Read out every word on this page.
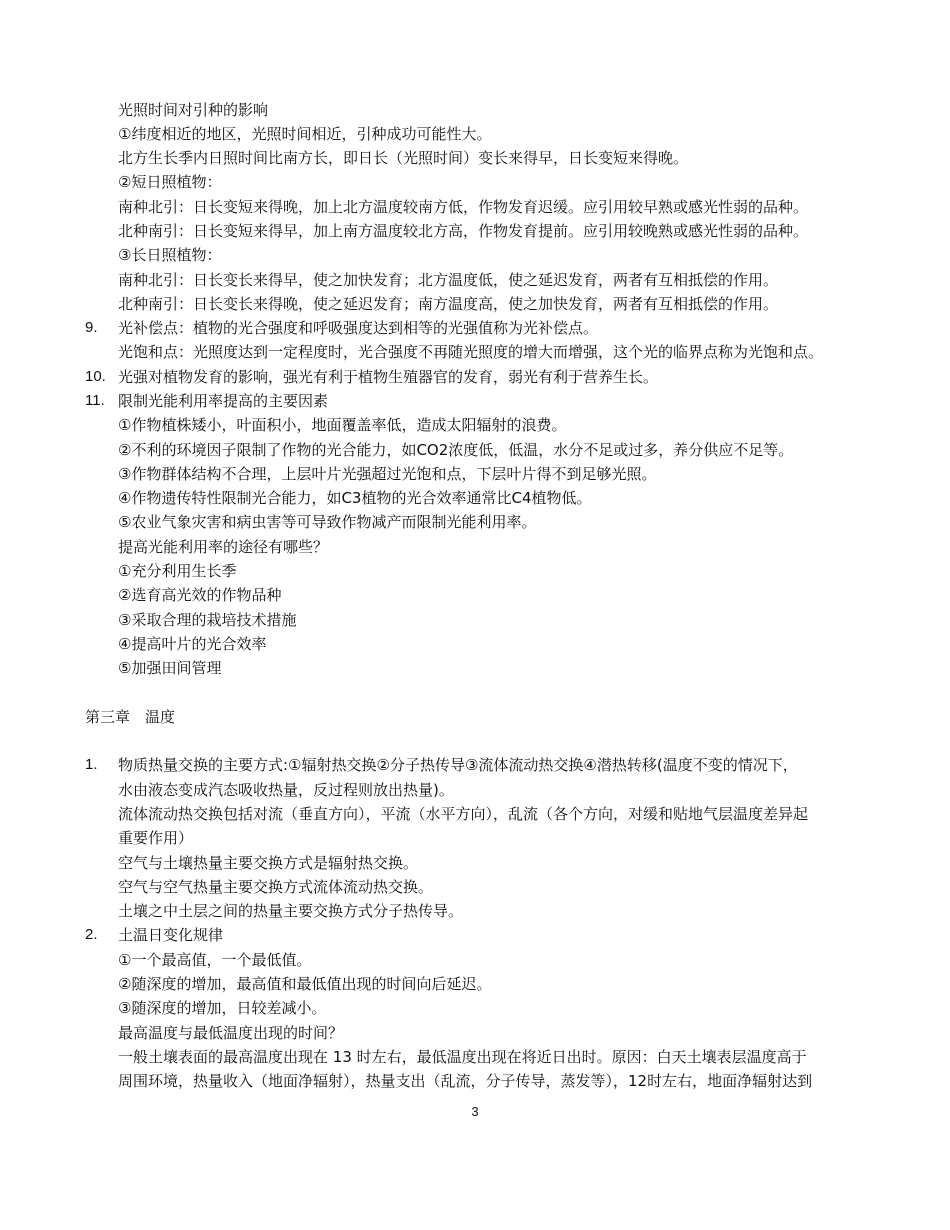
光照时间对引种的影响
①纬度相近的地区，光照时间相近，引种成功可能性大。
北方生长季内日照时间比南方长，即日长（光照时间）变长来得早，日长变短来得晚。
②短日照植物：
南种北引：日长变短来得晚，加上北方温度较南方低，作物发育迟缓。应引用较早熟或感光性弱的品种。
北种南引：日长变短来得早，加上南方温度较北方高，作物发育提前。应引用较晚熟或感光性弱的品种。
③长日照植物：
南种北引：日长变长来得早，使之加快发育；北方温度低，使之延迟发育，两者有互相抵偿的作用。
北种南引：日长变长来得晚，使之延迟发育；南方温度高，使之加快发育，两者有互相抵偿的作用。
9. 光补偿点：植物的光合强度和呼吸强度达到相等的光强值称为光补偿点。
光饱和点：光照度达到一定程度时，光合强度不再随光照度的增大而增强，这个光的临界点称为光饱和点。
10. 光强对植物发育的影响，强光有利于植物生殖器官的发育，弱光有利于营养生长。
11. 限制光能利用率提高的主要因素
①作物植株矮小，叶面积小，地面覆盖率低，造成太阳辐射的浪费。
②不利的环境因子限制了作物的光合能力，如CO2浓度低，低温，水分不足或过多，养分供应不足等。
③作物群体结构不合理，上层叶片光强超过光饱和点，下层叶片得不到足够光照。
④作物遗传特性限制光合能力，如C3植物的光合效率通常比C4植物低。
⑤农业气象灾害和病虫害等可导致作物减产而限制光能利用率。
提高光能利用率的途径有哪些？
①充分利用生长季
②选育高光效的作物品种
③采取合理的栽培技术措施
④提高叶片的光合效率
⑤加强田间管理
第三章　温度
1. 物质热量交换的主要方式:①辐射热交换②分子热传导③流体流动热交换④潜热转移(温度不变的情况下，
水由液态变成汽态吸收热量，反过程则放出热量)。
流体流动热交换包括对流（垂直方向），平流（水平方向），乱流（各个方向，对缓和贴地气层温度差异起
重要作用）
空气与土壤热量主要交换方式是辐射热交换。
空气与空气热量主要交换方式流体流动热交换。
土壤之中土层之间的热量主要交换方式分子热传导。
2. 土温日变化规律
①一个最高值，一个最低值。
②随深度的增加，最高值和最低值出现的时间向后延迟。
③随深度的增加，日较差减小。
最高温度与最低温度出现的时间？
一般土壤表面的最高温度出现在 13 时左右，最低温度出现在将近日出时。原因：白天土壤表层温度高于
周围环境，热量收入（地面净辐射），热量支出（乱流，分子传导，蒸发等），12时左右，地面净辐射达到
3
